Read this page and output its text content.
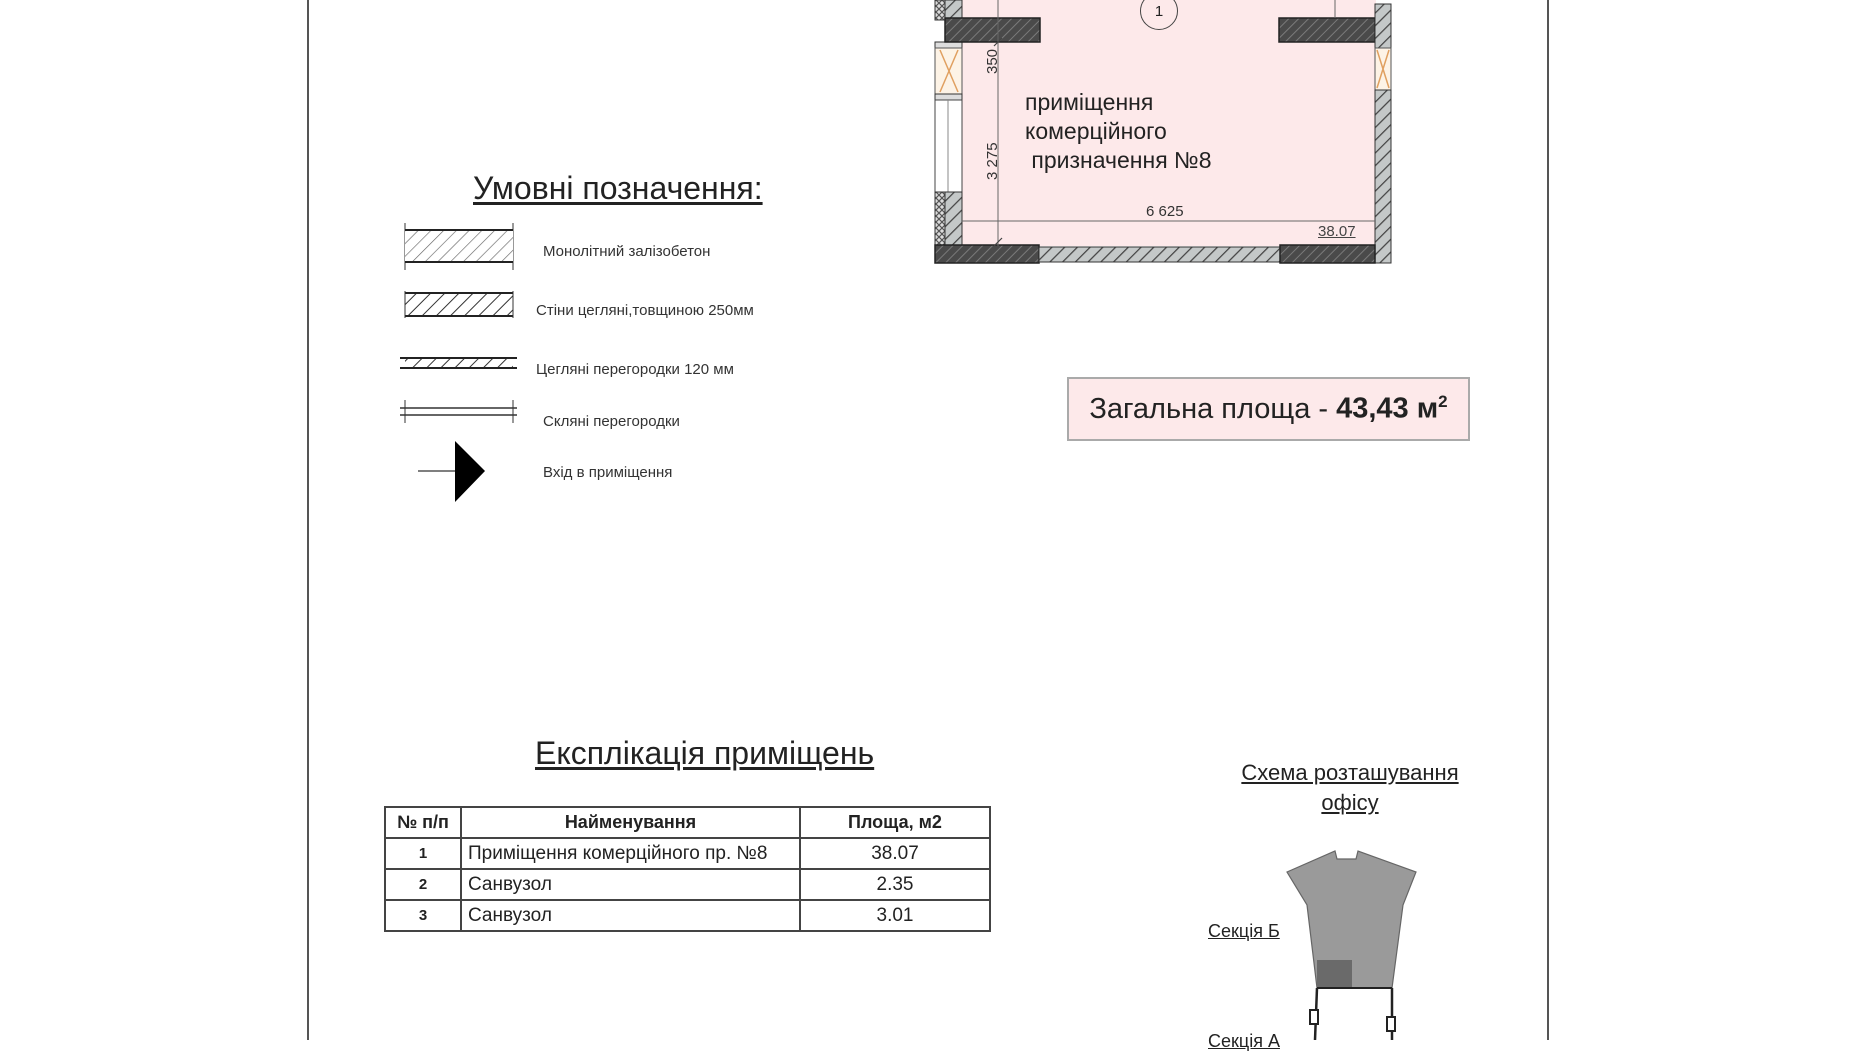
1
350
3 275
6 625
38.07
приміщення
комерційного
призначення №8
Умовні позначення:
Монолітний залізобетон
Стіни цегляні,товщиною 250мм
Цегляні перегородки 120 мм
Скляні перегородки
Вхід в приміщення
Загальна площа - 43,43 $м^2$
Експлікація приміщень
№ п/п	Найменування	Площа, м2
1	Приміщення комерційного пр. №8	38.07
2	Санвузол	2.35
3	Санвузол	3.01
Схема розташування
офісу
Секція Б
Секція А
